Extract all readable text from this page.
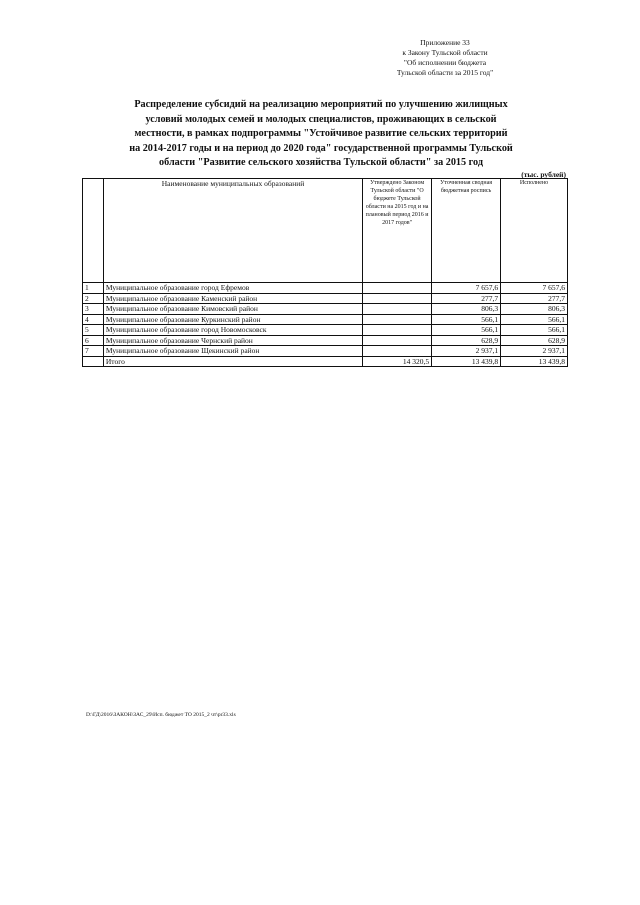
Приложение 33
к Закону Тульской области
"Об исполнении бюджета
Тульской области за 2015 год"
Распределение субсидий на реализацию мероприятий по улучшению жилищных
условий молодых семей и молодых специалистов, проживающих в сельской
местности, в рамках подпрограммы "Устойчивое развитие сельских территорий
на 2014-2017 годы и на период до 2020 года" государственной программы Тульской
области "Развитие сельского хозяйства Тульской области" за 2015 год
(тыс. рублей)
	Наименование муниципальных образований	Утверждено Законом Тульской области "О бюджете Тульской области на 2015 год и на плановый период 2016 и 2017 годов"	Уточненная сводная бюджетная роспись	Исполнено
1	Муниципальное образование город Ефремов		7 657,6	7 657,6
2	Муниципальное образование Каменский район		277,7	277,7
3	Муниципальное образование Кимовский район		806,3	806,3
4	Муниципальное образование Куркинский район		566,1	566,1
5	Муниципальное образование город Новомосковск		566,1	566,1
6	Муниципальное образование Чернский район		628,9	628,9
7	Муниципальное образование Щекинский район		2 937,1	2 937,1
	Итого	14 320,5	13 439,8	13 439,8
D:\ГД\2016\ЗАКОН\ЗАС_29\Исп. бюджет ТО 2015_2 чт\pr33.xls
